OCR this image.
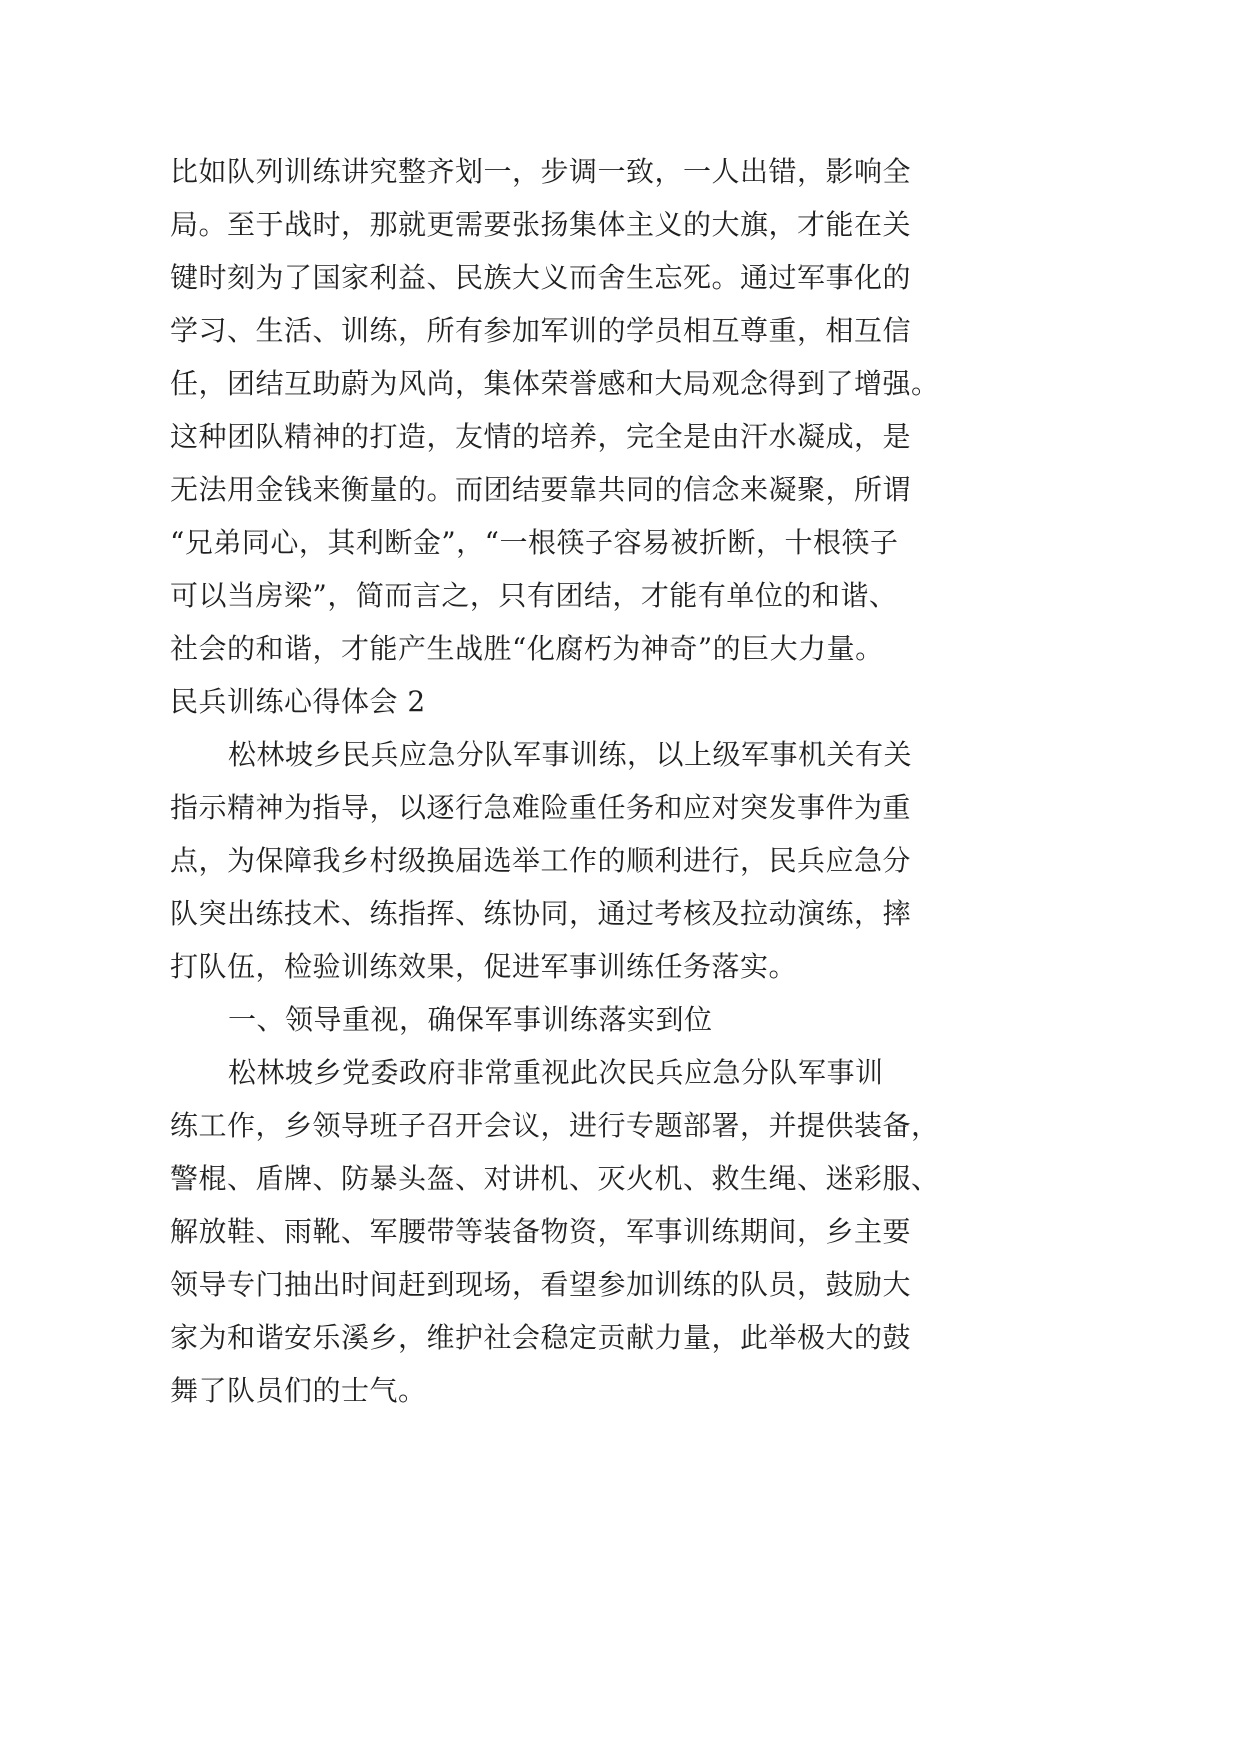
比如队列训练讲究整齐划一，步调一致，一人出错，影响全
局。至于战时，那就更需要张扬集体主义的大旗，才能在关
键时刻为了国家利益、民族大义而舍生忘死。通过军事化的
学习、生活、训练，所有参加军训的学员相互尊重，相互信
任，团结互助蔚为风尚，集体荣誉感和大局观念得到了增强。
这种团队精神的打造，友情的培养，完全是由汗水凝成，是
无法用金钱来衡量的。而团结要靠共同的信念来凝聚，所谓
“兄弟同心，其利断金”，“一根筷子容易被折断，十根筷子
可以当房梁”，简而言之，只有团结，才能有单位的和谐、
社会的和谐，才能产生战胜“化腐朽为神奇”的巨大力量。
民兵训练心得体会 2
松林坡乡民兵应急分队军事训练，以上级军事机关有关
指示精神为指导，以逐行急难险重任务和应对突发事件为重
点，为保障我乡村级换届选举工作的顺利进行，民兵应急分
队突出练技术、练指挥、练协同，通过考核及拉动演练，摔
打队伍，检验训练效果，促进军事训练任务落实。
一、领导重视，确保军事训练落实到位
松林坡乡党委政府非常重视此次民兵应急分队军事训
练工作，乡领导班子召开会议，进行专题部署，并提供装备，
警棍、盾牌、防暴头盔、对讲机、灭火机、救生绳、迷彩服、
解放鞋、雨靴、军腰带等装备物资，军事训练期间，乡主要
领导专门抽出时间赶到现场，看望参加训练的队员，鼓励大
家为和谐安乐溪乡，维护社会稳定贡献力量，此举极大的鼓
舞了队员们的士气。
